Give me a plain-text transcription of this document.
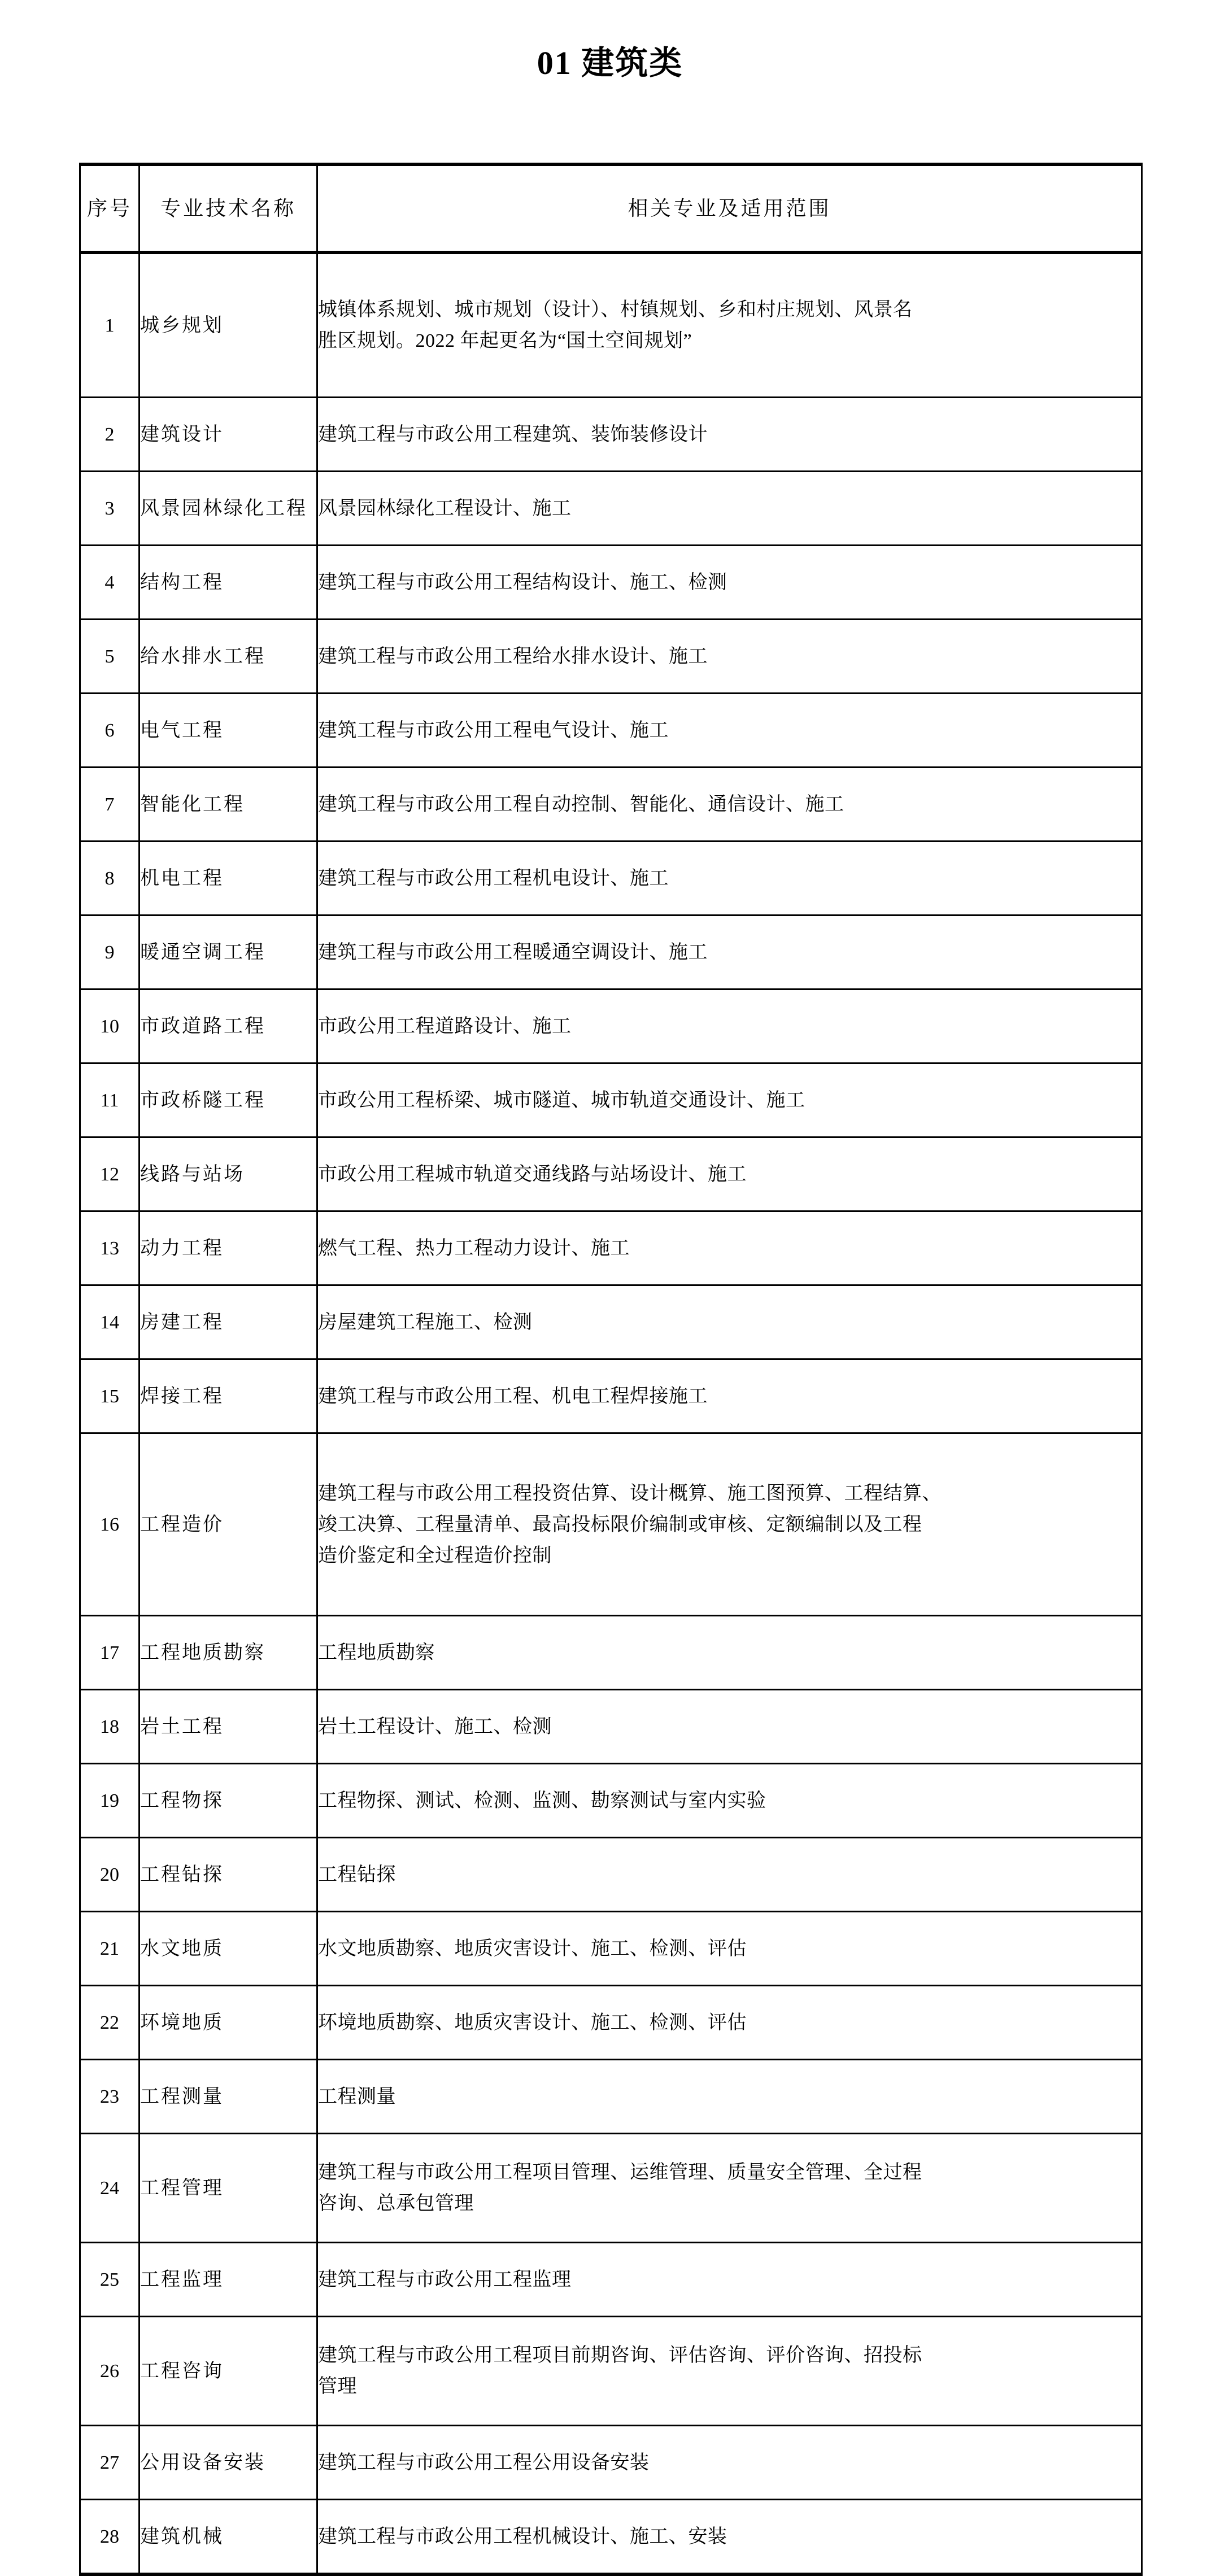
01 建筑类
序号	专业技术名称	相关专业及适用范围
1	城乡规划	城镇体系规划、城市规划（设计）、村镇规划、乡和村庄规划、风景名
胜区规划。2022 年起更名为“国土空间规划”

2	建筑设计	建筑工程与市政公用工程建筑、装饰装修设计

3	风景园林绿化工程	风景园林绿化工程设计、施工

4	结构工程	建筑工程与市政公用工程结构设计、施工、检测

5	给水排水工程	建筑工程与市政公用工程给水排水设计、施工

6	电气工程	建筑工程与市政公用工程电气设计、施工

7	智能化工程	建筑工程与市政公用工程自动控制、智能化、通信设计、施工

8	机电工程	建筑工程与市政公用工程机电设计、施工

9	暖通空调工程	建筑工程与市政公用工程暖通空调设计、施工

10	市政道路工程	市政公用工程道路设计、施工

11	市政桥隧工程	市政公用工程桥梁、城市隧道、城市轨道交通设计、施工

12	线路与站场	市政公用工程城市轨道交通线路与站场设计、施工

13	动力工程	燃气工程、热力工程动力设计、施工

14	房建工程	房屋建筑工程施工、检测

15	焊接工程	建筑工程与市政公用工程、机电工程焊接施工

16	工程造价	建筑工程与市政公用工程投资估算、设计概算、施工图预算、工程结算、
竣工决算、工程量清单、最高投标限价编制或审核、定额编制以及工程
造价鉴定和全过程造价控制

17	工程地质勘察	工程地质勘察

18	岩土工程	岩土工程设计、施工、检测

19	工程物探	工程物探、测试、检测、监测、勘察测试与室内实验

20	工程钻探	工程钻探

21	水文地质	水文地质勘察、地质灾害设计、施工、检测、评估

22	环境地质	环境地质勘察、地质灾害设计、施工、检测、评估

23	工程测量	工程测量

24	工程管理	建筑工程与市政公用工程项目管理、运维管理、质量安全管理、全过程
咨询、总承包管理

25	工程监理	建筑工程与市政公用工程监理

26	工程咨询	建筑工程与市政公用工程项目前期咨询、评估咨询、评价咨询、招投标
管理

27	公用设备安装	建筑工程与市政公用工程公用设备安装

28	建筑机械	建筑工程与市政公用工程机械设计、施工、安装
